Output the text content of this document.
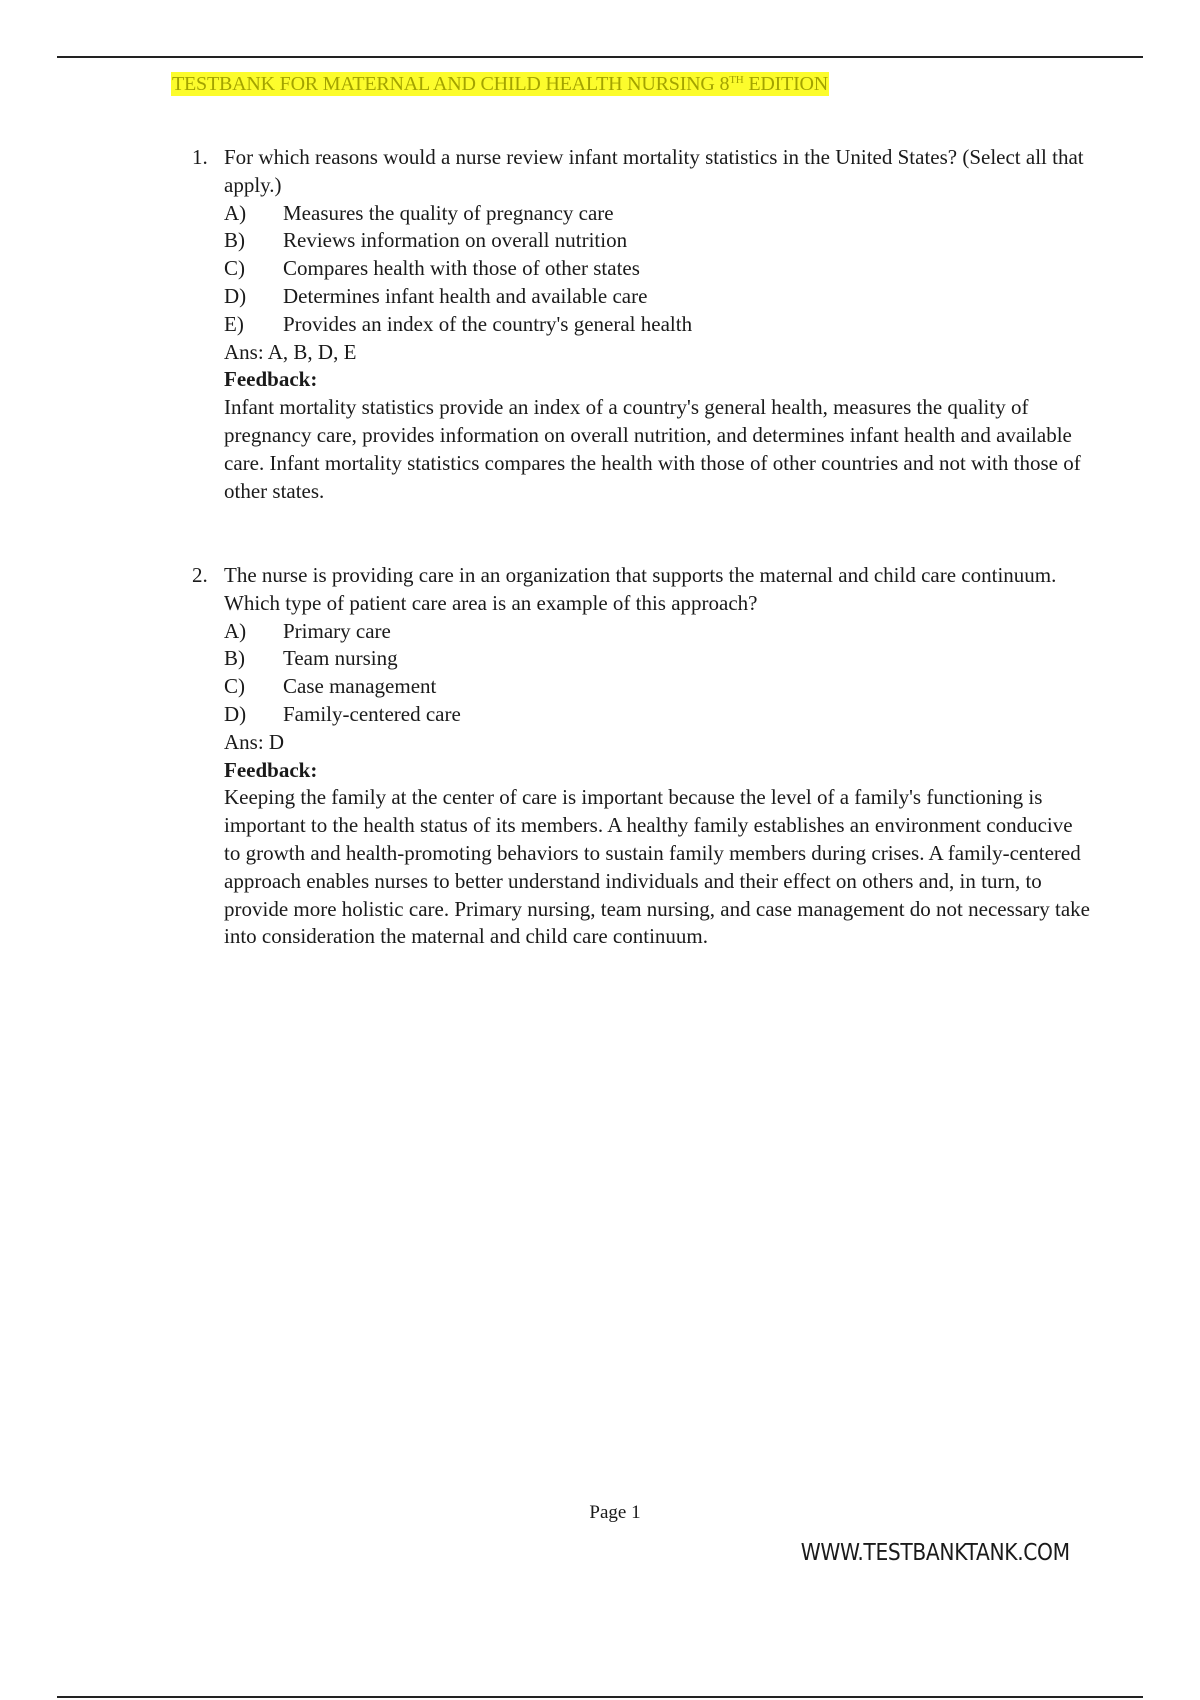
TESTBANK FOR MATERNAL AND CHILD HEALTH NURSING 8TH EDITION
1. For which reasons would a nurse review infant mortality statistics in the United States? (Select all that apply.)
A)	Measures the quality of pregnancy care
B)	Reviews information on overall nutrition
C)	Compares health with those of other states
D)	Determines infant health and available care
E)	Provides an index of the country's general health
Ans: A, B, D, E
Feedback:
Infant mortality statistics provide an index of a country's general health, measures the quality of pregnancy care, provides information on overall nutrition, and determines infant health and available care. Infant mortality statistics compares the health with those of other countries and not with those of other states.
2. The nurse is providing care in an organization that supports the maternal and child care continuum. Which type of patient care area is an example of this approach?
A)	Primary care
B)	Team nursing
C)	Case management
D)	Family-centered care
Ans: D
Feedback:
Keeping the family at the center of care is important because the level of a family's functioning is important to the health status of its members. A healthy family establishes an environment conducive to growth and health-promoting behaviors to sustain family members during crises. A family-centered approach enables nurses to better understand individuals and their effect on others and, in turn, to provide more holistic care. Primary nursing, team nursing, and case management do not necessary take into consideration the maternal and child care continuum.
Page 1
WWW.TESTBANKTANK.COM
